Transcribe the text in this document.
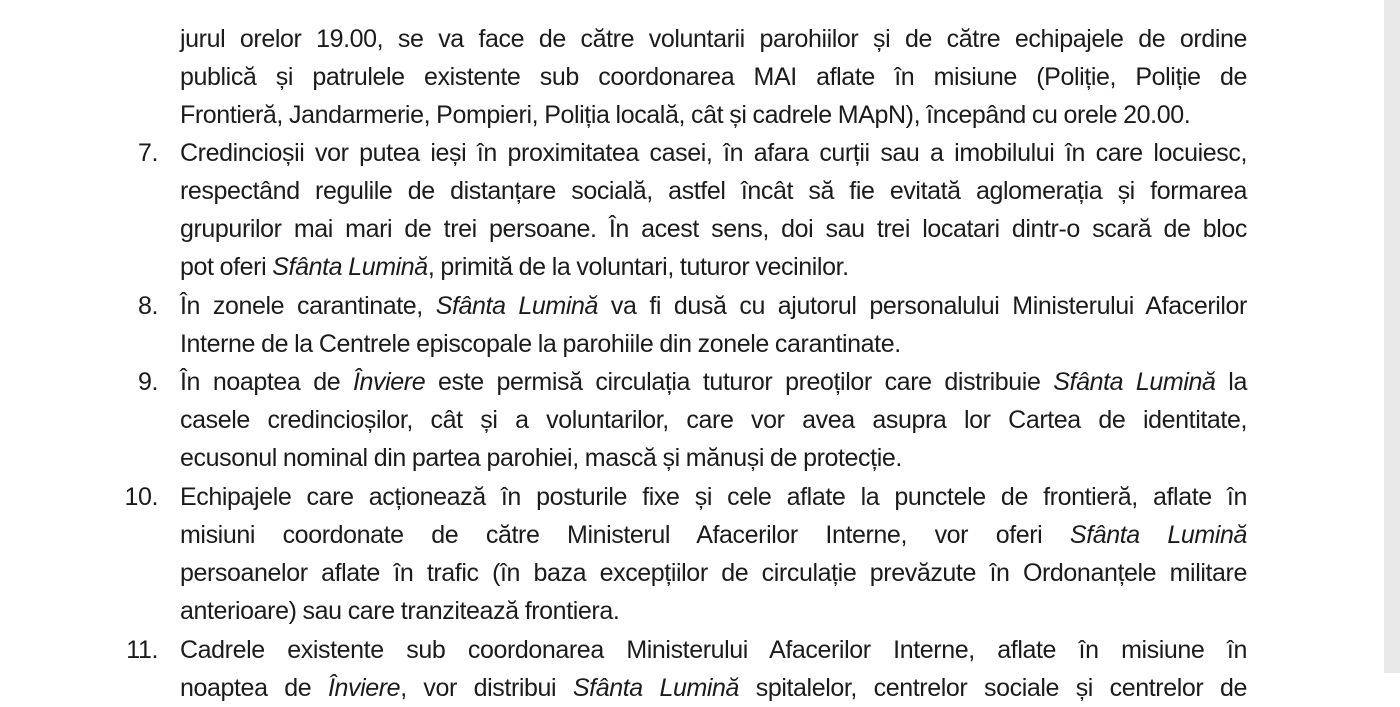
jurul orelor 19.00, se va face de către voluntarii parohiilor și de către echipajele de ordine
publică și patrulele existente sub coordonarea MAI aflate în misiune (Poliție, Poliție de
Frontieră, Jandarmerie, Pompieri, Poliția locală, cât și cadrele MApN), începând cu orele 20.00.
7. Credincioșii vor putea ieși în proximitatea casei, în afara curții sau a imobilului în care locuiesc,
respectând regulile de distanțare socială, astfel încât să fie evitată aglomerația și formarea
grupurilor mai mari de trei persoane. În acest sens, doi sau trei locatari dintr-o scară de bloc
pot oferi Sfânta Lumină, primită de la voluntari, tuturor vecinilor.
8. În zonele carantinate, Sfânta Lumină va fi dusă cu ajutorul personalului Ministerului Afacerilor
Interne de la Centrele episcopale la parohiile din zonele carantinate.
9. În noaptea de Înviere este permisă circulația tuturor preoților care distribuie Sfânta Lumină la
casele credincioșilor, cât și a voluntarilor, care vor avea asupra lor Cartea de identitate,
ecusonul nominal din partea parohiei, mască și mănuși de protecție.
10. Echipajele care acționează în posturile fixe și cele aflate la punctele de frontieră, aflate în
misiuni coordonate de către Ministerul Afacerilor Interne, vor oferi Sfânta Lumină
persoanelor aflate în trafic (în baza excepțiilor de circulație prevăzute în Ordonanțele militare
anterioare) sau care tranzitează frontiera.
11. Cadrele existente sub coordonarea Ministerului Afacerilor Interne, aflate în misiune în
noaptea de Înviere, vor distribui Sfânta Lumină spitalelor, centrelor sociale și centrelor de
